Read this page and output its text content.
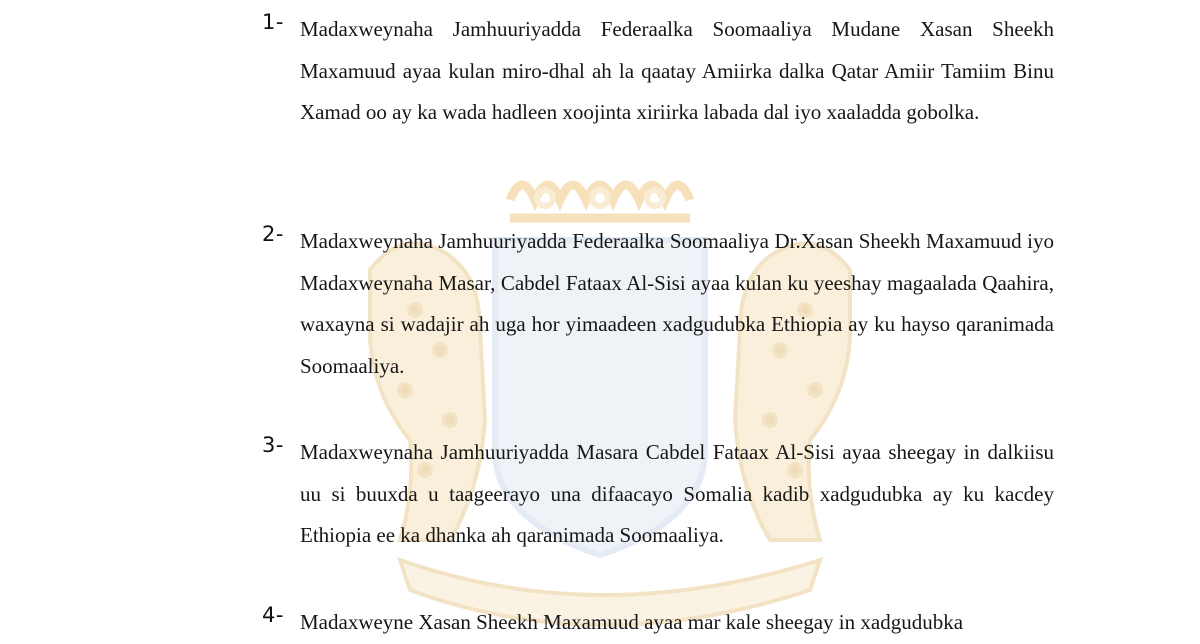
1- Madaxweynaha Jamhuuriyadda Federaalka Soomaaliya Mudane Xasan Sheekh Maxamuud ayaa kulan miro-dhal ah la qaatay Amiirka dalka Qatar Amiir Tamiim Binu Xamad oo ay ka wada hadleen xoojinta xiriirka labada dal iyo xaaladda gobolka.
2- Madaxweynaha Jamhuuriyadda Federaalka Soomaaliya Dr.Xasan Sheekh Maxamuud iyo Madaxweynaha Masar, Cabdel Fataax Al-Sisi ayaa kulan ku yeeshay magaalada Qaahira, waxayna si wadajir ah uga hor yimaadeen xadgudubka Ethiopia ay ku hayso qaranimada Soomaaliya.
3- Madaxweynaha Jamhuuriyadda Masara Cabdel Fataax Al-Sisi ayaa sheegay in dalkiisu uu si buuxda u taageerayo una difaacayo Somalia kadib xadgudubka ay ku kacdey Ethiopia ee ka dhanka ah qaranimada Soomaaliya.
4- Madaxweyne Xasan Sheekh Maxamuud ayaa mar kale sheegay in xadgudubka
